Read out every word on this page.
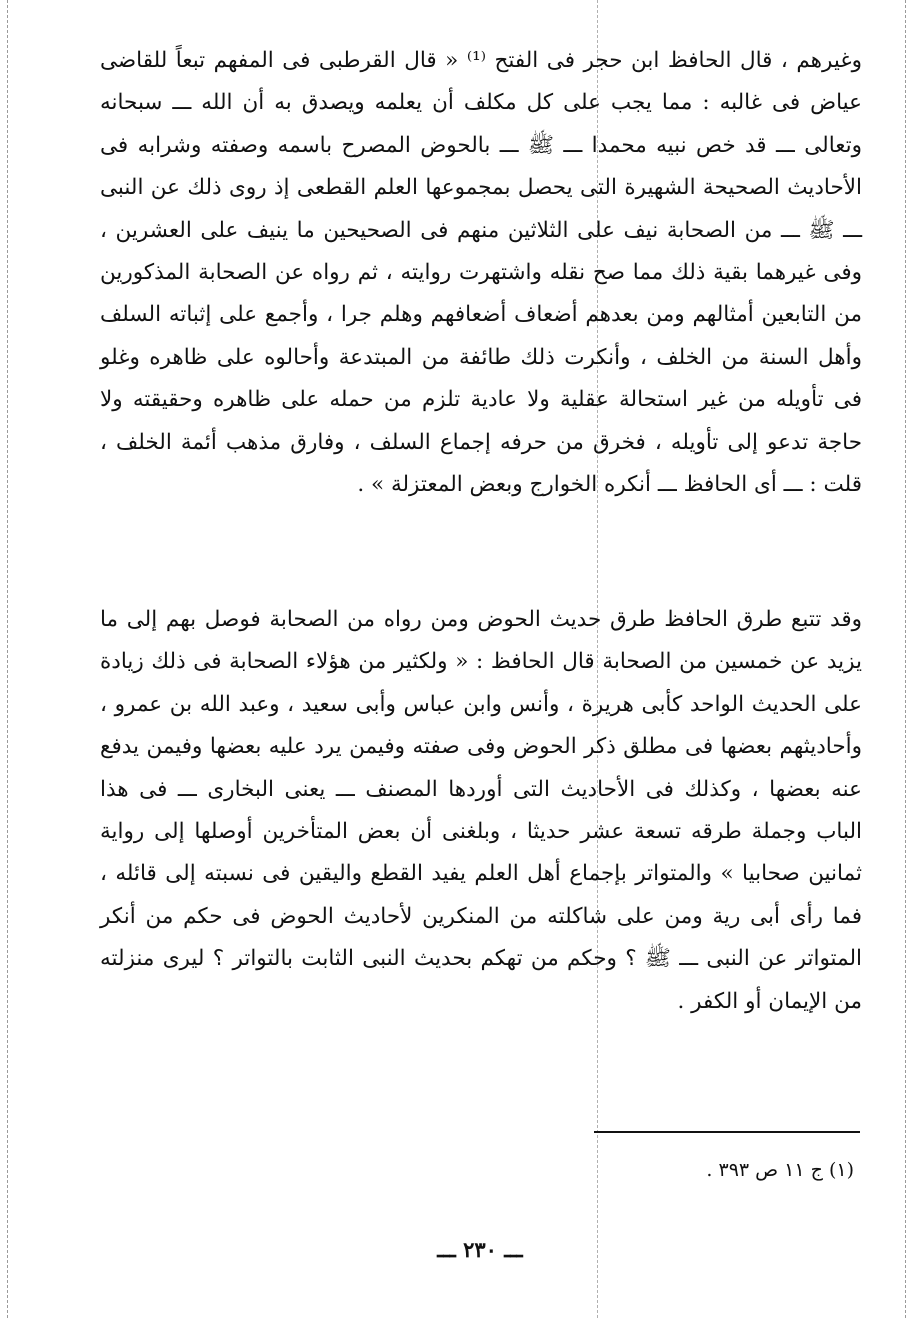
وغيرهم ، قال الحافظ ابن حجر فى الفتح ⁽¹⁾ « قال القرطبى فى المفهم تبعاً للقاضى عياض فى غالبه : مما يجب على كل مكلف أن يعلمه ويصدق به أن الله ـــ سبحانه وتعالى ـــ قد خص نبيه محمدا ـــ ﷺ ـــ بالحوض المصرح باسمه وصفته وشرابه فى الأحاديث الصحيحة الشهيرة التى يحصل بمجموعها العلم القطعى إذ روى ذلك عن النبى ـــ ﷺ ـــ من الصحابة نيف على الثلاثين منهم فى الصحيحين ما ينيف على العشرين ، وفى غيرهما بقية ذلك مما صح نقله واشتهرت روايته ، ثم رواه عن الصحابة المذكورين من التابعين أمثالهم ومن بعدهم أضعاف أضعافهم وهلم جرا ، وأجمع على إثباته السلف وأهل السنة من الخلف ، وأنكرت ذلك طائفة من المبتدعة وأحالوه على ظاهره وغلو فى تأويله من غير استحالة عقلية ولا عادية تلزم من حمله على ظاهره وحقيقته ولا حاجة تدعو إلى تأويله ، فخرق من حرفه إجماع السلف ، وفارق مذهب أئمة الخلف ، قلت : ـــ أى الحافظ ـــ أنكره الخوارج وبعض المعتزلة » .

وقد تتبع طرق الحافظ طرق حديث الحوض ومن رواه من الصحابة فوصل بهم إلى ما يزيد عن خمسين من الصحابة قال الحافظ : « ولكثير من هؤلاء الصحابة فى ذلك زيادة على الحديث الواحد كأبى هريرة ، وأنس وابن عباس وأبى سعيد ، وعبد الله بن عمرو ، وأحاديثهم بعضها فى مطلق ذكر الحوض وفى صفته وفيمن يرد عليه بعضها وفيمن يدفع عنه بعضها ، وكذلك فى الأحاديث التى أوردها المصنف ـــ يعنى البخارى ـــ فى هذا الباب وجملة طرقه تسعة عشر حديثا ، وبلغنى أن بعض المتأخرين أوصلها إلى رواية ثمانين صحابيا » والمتواتر بإجماع أهل العلم يفيد القطع واليقين فى نسبته إلى قائله ، فما رأى أبى رية ومن على شاكلته من المنكرين لأحاديث الحوض فى حكم من أنكر المتواتر عن النبى ـــ ﷺ ؟ وحكم من تهكم بحديث النبى الثابت بالتواتر ؟ ليرى منزلته من الإيمان أو الكفر .

(١) ج ١١ ص ٣٩٣ .
ـــ ٢٣٠ ـــ
